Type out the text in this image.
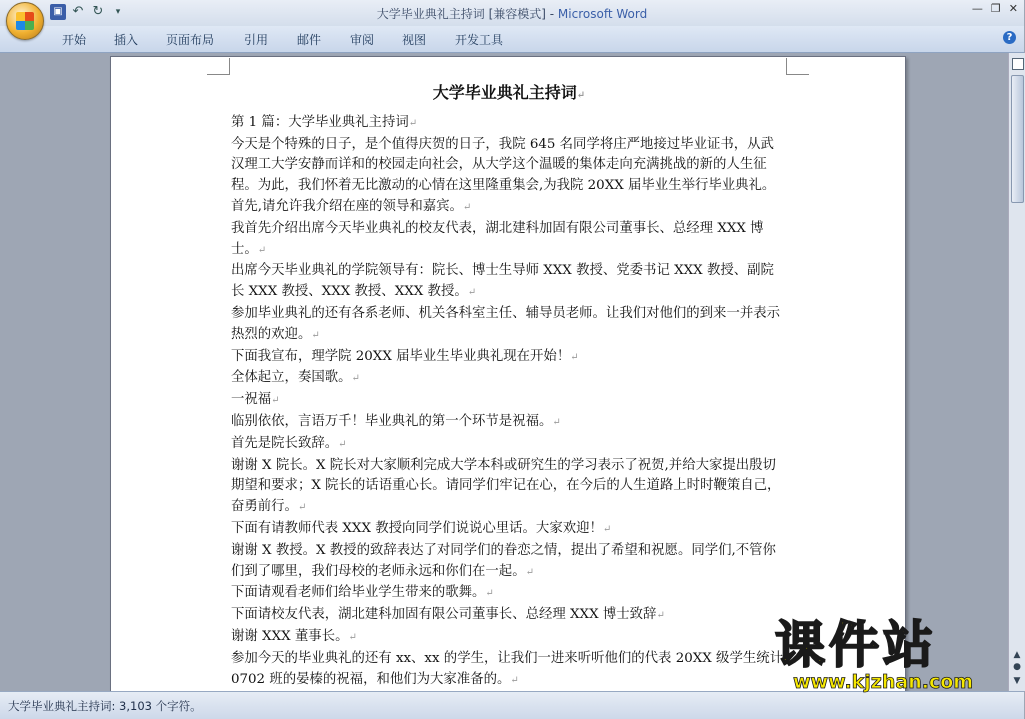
▣ ↶ ↻	▾	大学毕业典礼主持词 [兼容模式] - Microsoft Word	— ❐ ✕
开始 插入 页面布局 引用 邮件 审阅 视图 开发工具	?
大学毕业典礼主持词↵

第 1 篇：大学毕业典礼主持词↵

今天是个特殊的日子，是个值得庆贺的日子，我院 645 名同学将庄严地接过毕业证书，从武汉理工大学安静而详和的校园走向社会，从大学这个温暖的集体走向充满挑战的新的人生征程。为此，我们怀着无比激动的心情在这里隆重集会,为我院 20XX 届毕业生举行毕业典礼。首先,请允许我介绍在座的领导和嘉宾。↵

我首先介绍出席今天毕业典礼的校友代表，湖北建科加固有限公司董事长、总经理 XXX 博士。↵

出席今天毕业典礼的学院领导有：院长、博士生导师 XXX 教授、党委书记 XXX 教授、副院长 XXX 教授、XXX 教授、XXX 教授。↵

参加毕业典礼的还有各系老师、机关各科室主任、辅导员老师。让我们对他们的到来一并表示热烈的欢迎。↵

下面我宣布，理学院 20XX 届毕业生毕业典礼现在开始！↵

全体起立，奏国歌。↵

一祝福↵

临别依依，言语万千！毕业典礼的第一个环节是祝福。↵

首先是院长致辞。↵

谢谢 X 院长。X 院长对大家顺利完成大学本科或研究生的学习表示了祝贺,并给大家提出殷切期望和要求；X 院长的话语重心长。请同学们牢记在心，在今后的人生道路上时时鞭策自己，奋勇前行。↵

下面有请教师代表 XXX 教授向同学们说说心里话。大家欢迎！↵

谢谢 X 教授。X 教授的致辞表达了对同学们的眷恋之情，提出了希望和祝愿。同学们,不管你们到了哪里，我们母校的老师永远和你们在一起。↵

下面请观看老师们给毕业学生带来的歌舞。↵

下面请校友代表，湖北建科加固有限公司董事长、总经理 XXX 博士致辞↵

谢谢 XXX 董事长。↵

参加今天的毕业典礼的还有 xx、xx 的学生，让我们一进来听听他们的代表 20XX 级学生统计 0702 班的晏榛的祝福，和他们为大家准备的。↵

▲
●
▼
大学毕业典礼主持词: 3,103 个字符。
课件站
www.kjzhan.com
